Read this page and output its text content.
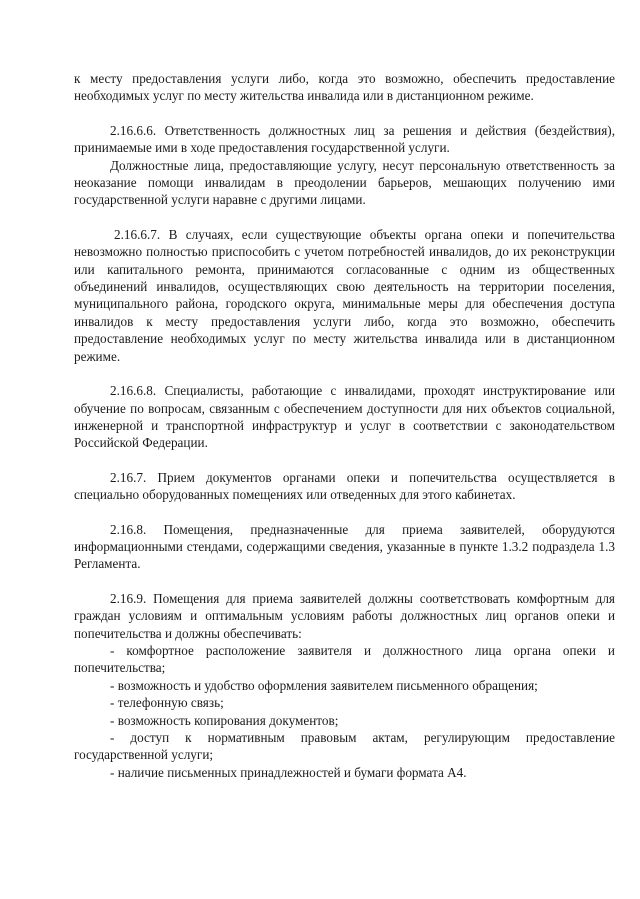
к месту предоставления услуги либо, когда это возможно, обеспечить предоставление необходимых услуг по месту жительства инвалида или в дистанционном режиме.

2.16.6.6. Ответственность должностных лиц за решения и действия (бездействия), принимаемые ими в ходе предоставления государственной услуги.

Должностные лица, предоставляющие услугу, несут персональную ответственность за неоказание помощи инвалидам в преодолении барьеров, мешающих получению ими государственной услуги наравне с другими лицами.

2.16.6.7. В случаях, если существующие объекты органа опеки и попечительства невозможно полностью приспособить с учетом потребностей инвалидов, до их реконструкции или капитального ремонта, принимаются согласованные с одним из общественных объединений инвалидов, осуществляющих свою деятельность на территории поселения, муниципального района, городского округа, минимальные меры для обеспечения доступа инвалидов к месту предоставления услуги либо, когда это возможно, обеспечить предоставление необходимых услуг по месту жительства инвалида или в дистанционном режиме.

2.16.6.8. Специалисты, работающие с инвалидами, проходят инструктирование или обучение по вопросам, связанным с обеспечением доступности для них объектов социальной, инженерной и транспортной инфраструктур и услуг в соответствии с законодательством Российской Федерации.

2.16.7. Прием документов органами опеки и попечительства осуществляется в специально оборудованных помещениях или отведенных для этого кабинетах.

2.16.8. Помещения, предназначенные для приема заявителей, оборудуются информационными стендами, содержащими сведения, указанные в пункте 1.3.2 подраздела 1.3 Регламента.

2.16.9. Помещения для приема заявителей должны соответствовать комфортным для граждан условиям и оптимальным условиям работы должностных лиц органов опеки и попечительства и должны обеспечивать:

- комфортное расположение заявителя и должностного лица органа опеки и попечительства;

- возможность и удобство оформления заявителем письменного обращения;

- телефонную связь;

- возможность копирования документов;

- доступ к нормативным правовым актам, регулирующим предоставление государственной услуги;

- наличие письменных принадлежностей и бумаги формата А4.
